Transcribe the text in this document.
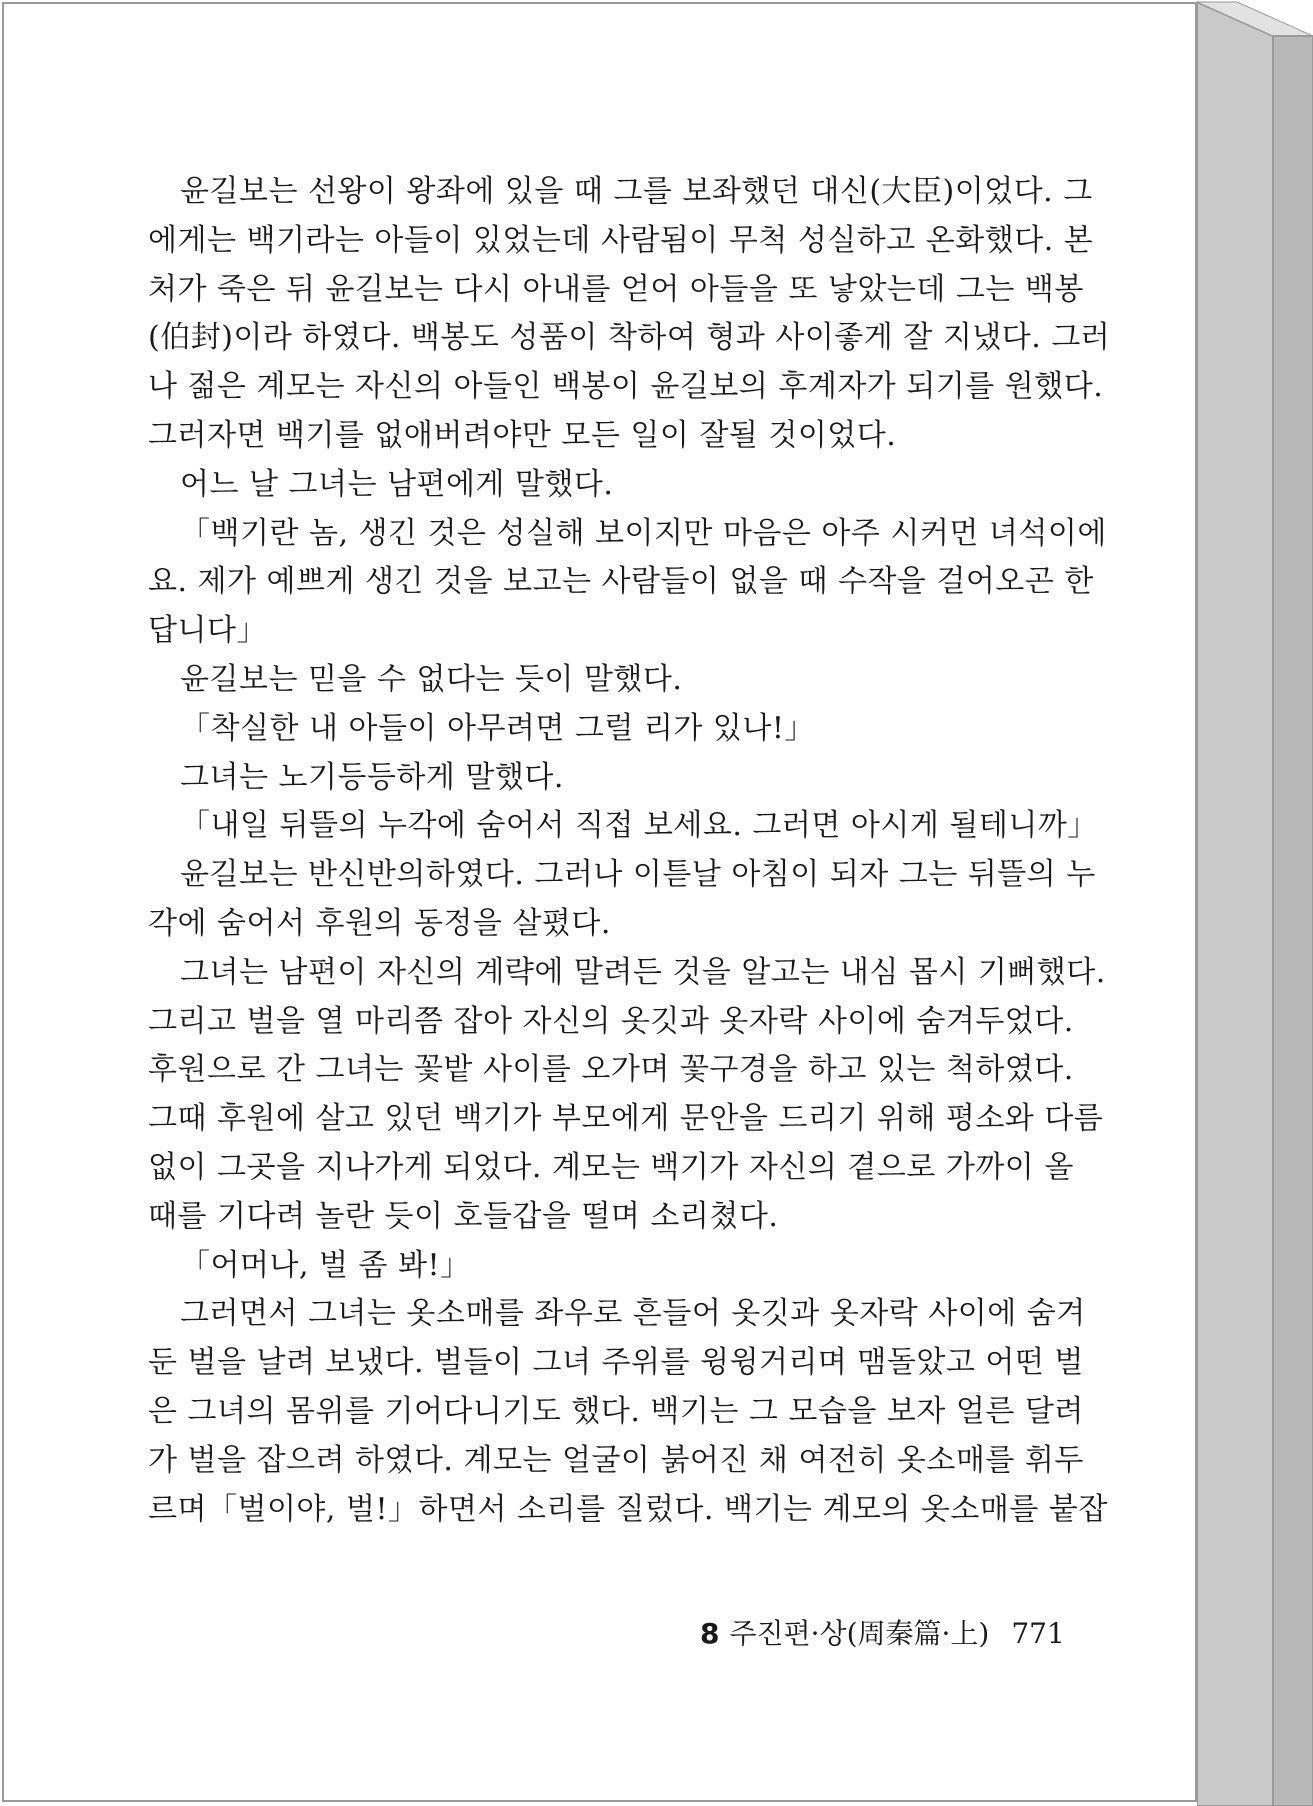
윤길보는 선왕이 왕좌에 있을 때 그를 보좌했던 대신(大臣)이었다. 그
에게는 백기라는 아들이 있었는데 사람됨이 무척 성실하고 온화했다. 본
처가 죽은 뒤 윤길보는 다시 아내를 얻어 아들을 또 낳았는데 그는 백봉
(伯封)이라 하였다. 백봉도 성품이 착하여 형과 사이좋게 잘 지냈다. 그러
나 젊은 계모는 자신의 아들인 백봉이 윤길보의 후계자가 되기를 원했다.
그러자면 백기를 없애버려야만 모든 일이 잘될 것이었다.
어느 날 그녀는 남편에게 말했다.
「백기란 놈, 생긴 것은 성실해 보이지만 마음은 아주 시커먼 녀석이에
요. 제가 예쁘게 생긴 것을 보고는 사람들이 없을 때 수작을 걸어오곤 한
답니다」
윤길보는 믿을 수 없다는 듯이 말했다.
「착실한 내 아들이 아무려면 그럴 리가 있나!」
그녀는 노기등등하게 말했다.
「내일 뒤뜰의 누각에 숨어서 직접 보세요. 그러면 아시게 될테니까」
윤길보는 반신반의하였다. 그러나 이튿날 아침이 되자 그는 뒤뜰의 누
각에 숨어서 후원의 동정을 살폈다.
그녀는 남편이 자신의 계략에 말려든 것을 알고는 내심 몹시 기뻐했다.
그리고 벌을 열 마리쯤 잡아 자신의 옷깃과 옷자락 사이에 숨겨두었다.
후원으로 간 그녀는 꽃밭 사이를 오가며 꽃구경을 하고 있는 척하였다.
그때 후원에 살고 있던 백기가 부모에게 문안을 드리기 위해 평소와 다름
없이 그곳을 지나가게 되었다. 계모는 백기가 자신의 곁으로 가까이 올
때를 기다려 놀란 듯이 호들갑을 떨며 소리쳤다.
「어머나, 벌 좀 봐!」
그러면서 그녀는 옷소매를 좌우로 흔들어 옷깃과 옷자락 사이에 숨겨
둔 벌을 날려 보냈다. 벌들이 그녀 주위를 윙윙거리며 맴돌았고 어떤 벌
은 그녀의 몸위를 기어다니기도 했다. 백기는 그 모습을 보자 얼른 달려
가 벌을 잡으려 하였다. 계모는 얼굴이 붉어진 채 여전히 옷소매를 휘두
르며「벌이야, 벌!」하면서 소리를 질렀다. 백기는 계모의 옷소매를 붙잡
8 주진편·상(周秦篇·上) 771
